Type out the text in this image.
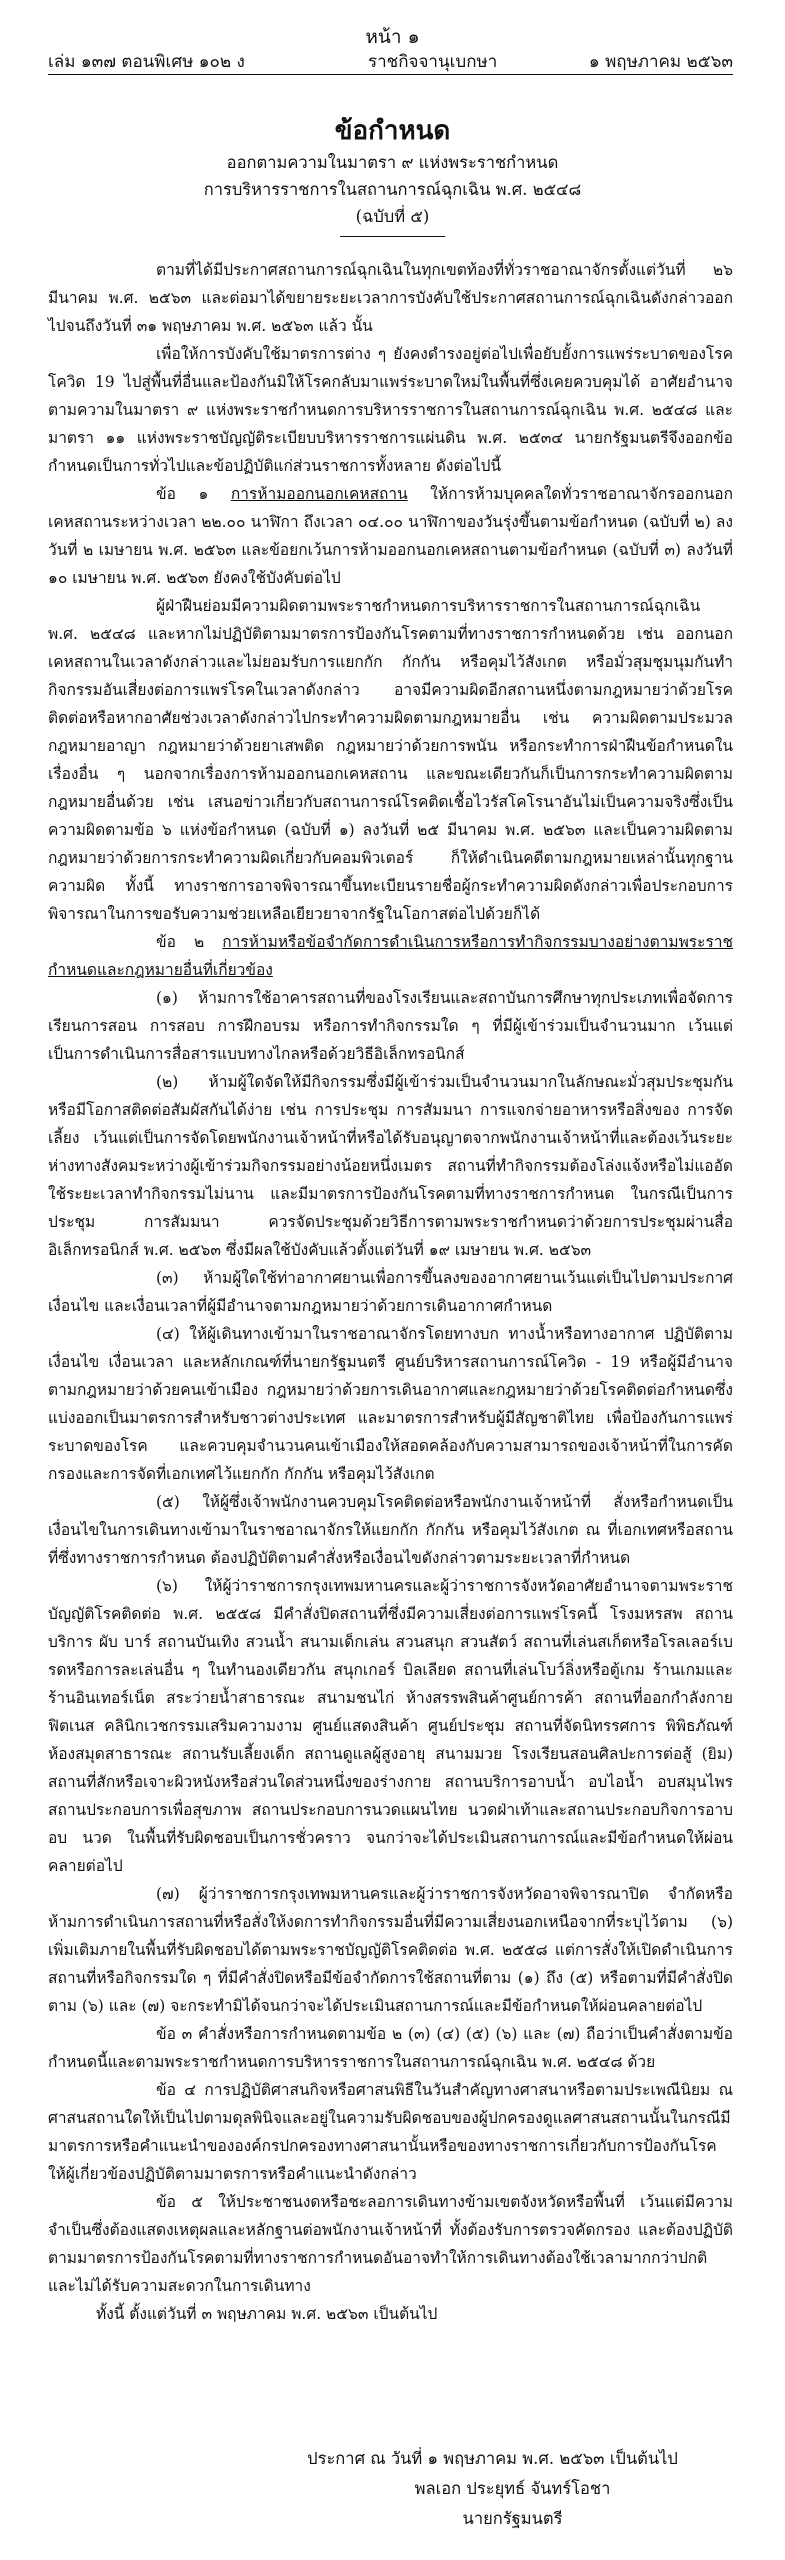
หน้า ๑
เล่ม ๑๓๗ ตอนพิเศษ ๑๐๒ ง	ราชกิจจานุเบกษา	๑ พฤษภาคม ๒๕๖๓
ข้อกำหนด
ออกตามความในมาตรา ๙ แห่งพระราชกำหนด
การบริหารราชการในสถานการณ์ฉุกเฉิน พ.ศ. ๒๕๔๘
(ฉบับที่ ๕)

ตามที่ได้มีประกาศสถานการณ์ฉุกเฉินในทุกเขตท้องที่ทั่วราชอาณาจักรตั้งแต่วันที่ ๒๖ มีนาคม พ.ศ. ๒๕๖๓ และต่อมาได้ขยายระยะเวลาการบังคับใช้ประกาศสถานการณ์ฉุกเฉินดังกล่าวออกไปจนถึงวันที่ ๓๑ พฤษภาคม พ.ศ. ๒๕๖๓ แล้ว นั้น

เพื่อให้การบังคับใช้มาตรการต่าง ๆ ยังคงดำรงอยู่ต่อไปเพื่อยับยั้งการแพร่ระบาดของโรคโควิด 19 ไปสู่พื้นที่อื่นและป้องกันมิให้โรคกลับมาแพร่ระบาดใหม่ในพื้นที่ซึ่งเคยควบคุมได้ อาศัยอำนาจตามความในมาตรา ๙ แห่งพระราชกำหนดการบริหารราชการในสถานการณ์ฉุกเฉิน พ.ศ. ๒๕๔๘ และมาตรา ๑๑ แห่งพระราชบัญญัติระเบียบบริหารราชการแผ่นดิน พ.ศ. ๒๕๓๔ นายกรัฐมนตรีจึงออกข้อกำหนดเป็นการทั่วไปและข้อปฏิบัติแก่ส่วนราชการทั้งหลาย ดังต่อไปนี้

ข้อ ๑ การห้ามออกนอกเคหสถาน ให้การห้ามบุคคลใดทั่วราชอาณาจักรออกนอกเคหสถานระหว่างเวลา ๒๒.๐๐ นาฬิกา ถึงเวลา ๐๔.๐๐ นาฬิกาของวันรุ่งขึ้นตามข้อกำหนด (ฉบับที่ ๒) ลงวันที่ ๒ เมษายน พ.ศ. ๒๕๖๓ และข้อยกเว้นการห้ามออกนอกเคหสถานตามข้อกำหนด (ฉบับที่ ๓) ลงวันที่ ๑๐ เมษายน พ.ศ. ๒๕๖๓ ยังคงใช้บังคับต่อไป

ผู้ฝ่าฝืนย่อมมีความผิดตามพระราชกำหนดการบริหารราชการในสถานการณ์ฉุกเฉิน พ.ศ. ๒๕๔๘ และหากไม่ปฏิบัติตามมาตรการป้องกันโรคตามที่ทางราชการกำหนดด้วย เช่น ออกนอกเคหสถานในเวลาดังกล่าวและไม่ยอมรับการแยกกัก กักกัน หรือคุมไว้สังเกต หรือมั่วสุมชุมนุมกันทำกิจกรรมอันเสี่ยงต่อการแพร่โรคในเวลาดังกล่าว อาจมีความผิดอีกสถานหนึ่งตามกฎหมายว่าด้วยโรคติดต่อหรือหากอาศัยช่วงเวลาดังกล่าวไปกระทำความผิดตามกฎหมายอื่น เช่น ความผิดตามประมวลกฎหมายอาญา กฎหมายว่าด้วยยาเสพติด กฎหมายว่าด้วยการพนัน หรือกระทำการฝ่าฝืนข้อกำหนดในเรื่องอื่น ๆ นอกจากเรื่องการห้ามออกนอกเคหสถาน และขณะเดียวกันก็เป็นการกระทำความผิดตามกฎหมายอื่นด้วย เช่น เสนอข่าวเกี่ยวกับสถานการณ์โรคติดเชื้อไวรัสโคโรนาอันไม่เป็นความจริงซึ่งเป็นความผิดตามข้อ ๖ แห่งข้อกำหนด (ฉบับที่ ๑) ลงวันที่ ๒๕ มีนาคม พ.ศ. ๒๕๖๓ และเป็นความผิดตามกฎหมายว่าด้วยการกระทำความผิดเกี่ยวกับคอมพิวเตอร์ ก็ให้ดำเนินคดีตามกฎหมายเหล่านั้นทุกฐานความผิด ทั้งนี้ ทางราชการอาจพิจารณาขึ้นทะเบียนรายชื่อผู้กระทำความผิดดังกล่าวเพื่อประกอบการพิจารณาในการขอรับความช่วยเหลือเยียวยาจากรัฐในโอกาสต่อไปด้วยก็ได้

ข้อ ๒ การห้ามหรือข้อจำกัดการดำเนินการหรือการทำกิจกรรมบางอย่างตามพระราชกำหนดและกฎหมายอื่นที่เกี่ยวข้อง

(๑) ห้ามการใช้อาคารสถานที่ของโรงเรียนและสถาบันการศึกษาทุกประเภทเพื่อจัดการเรียนการสอน การสอบ การฝึกอบรม หรือการทำกิจกรรมใด ๆ ที่มีผู้เข้าร่วมเป็นจำนวนมาก เว้นแต่เป็นการดำเนินการสื่อสารแบบทางไกลหรือด้วยวิธีอิเล็กทรอนิกส์

(๒) ห้ามผู้ใดจัดให้มีกิจกรรมซึ่งมีผู้เข้าร่วมเป็นจำนวนมากในลักษณะมั่วสุมประชุมกัน หรือมีโอกาสติดต่อสัมผัสกันได้ง่าย เช่น การประชุม การสัมมนา การแจกจ่ายอาหารหรือสิ่งของ การจัดเลี้ยง เว้นแต่เป็นการจัดโดยพนักงานเจ้าหน้าที่หรือได้รับอนุญาตจากพนักงานเจ้าหน้าที่และต้องเว้นระยะห่างทางสังคมระหว่างผู้เข้าร่วมกิจกรรมอย่างน้อยหนึ่งเมตร สถานที่ทำกิจกรรมต้องโล่งแจ้งหรือไม่แออัด ใช้ระยะเวลาทำกิจกรรมไม่นาน และมีมาตรการป้องกันโรคตามที่ทางราชการกำหนด ในกรณีเป็นการประชุม การสัมมนา ควรจัดประชุมด้วยวิธีการตามพระราชกำหนดว่าด้วยการประชุมผ่านสื่ออิเล็กทรอนิกส์ พ.ศ. ๒๕๖๓ ซึ่งมีผลใช้บังคับแล้วตั้งแต่วันที่ ๑๙ เมษายน พ.ศ. ๒๕๖๓

(๓) ห้ามผู้ใดใช้ท่าอากาศยานเพื่อการขึ้นลงของอากาศยานเว้นแต่เป็นไปตามประกาศ เงื่อนไข และเงื่อนเวลาที่ผู้มีอำนาจตามกฎหมายว่าด้วยการเดินอากาศกำหนด

(๔) ให้ผู้เดินทางเข้ามาในราชอาณาจักรโดยทางบก ทางน้ำหรือทางอากาศ ปฏิบัติตามเงื่อนไข เงื่อนเวลา และหลักเกณฑ์ที่นายกรัฐมนตรี ศูนย์บริหารสถานการณ์โควิด - 19 หรือผู้มีอำนาจตามกฎหมายว่าด้วยคนเข้าเมือง กฎหมายว่าด้วยการเดินอากาศและกฎหมายว่าด้วยโรคติดต่อกำหนดซึ่งแบ่งออกเป็นมาตรการสำหรับชาวต่างประเทศ และมาตรการสำหรับผู้มีสัญชาติไทย เพื่อป้องกันการแพร่ระบาดของโรค และควบคุมจำนวนคนเข้าเมืองให้สอดคล้องกับความสามารถของเจ้าหน้าที่ในการคัดกรองและการจัดที่เอกเทศไว้แยกกัก กักกัน หรือคุมไว้สังเกต

(๕) ให้ผู้ซึ่งเจ้าพนักงานควบคุมโรคติดต่อหรือพนักงานเจ้าหน้าที่ สั่งหรือกำหนดเป็นเงื่อนไขในการเดินทางเข้ามาในราชอาณาจักรให้แยกกัก กักกัน หรือคุมไว้สังเกต ณ ที่เอกเทศหรือสถานที่ซึ่งทางราชการกำหนด ต้องปฏิบัติตามคำสั่งหรือเงื่อนไขดังกล่าวตามระยะเวลาที่กำหนด

(๖) ให้ผู้ว่าราชการกรุงเทพมหานครและผู้ว่าราชการจังหวัดอาศัยอำนาจตามพระราชบัญญัติโรคติดต่อ พ.ศ. ๒๕๕๘ มีคำสั่งปิดสถานที่ซึ่งมีความเสี่ยงต่อการแพร่โรคนี้ โรงมหรสพ สถานบริการ ผับ บาร์ สถานบันเทิง สวนน้ำ สนามเด็กเล่น สวนสนุก สวนสัตว์ สถานที่เล่นสเก็ตหรือโรลเลอร์เบรดหรือการละเล่นอื่น ๆ ในทำนองเดียวกัน สนุกเกอร์ บิลเลียด สถานที่เล่นโบว์ลิ่งหรือตู้เกม ร้านเกมและร้านอินเทอร์เน็ต สระว่ายน้ำสาธารณะ สนามชนไก่ ห้างสรรพสินค้าศูนย์การค้า สถานที่ออกกำลังกายฟิตเนส คลินิกเวชกรรมเสริมความงาม ศูนย์แสดงสินค้า ศูนย์ประชุม สถานที่จัดนิทรรศการ พิพิธภัณฑ์ ห้องสมุดสาธารณะ สถานรับเลี้ยงเด็ก สถานดูแลผู้สูงอายุ สนามมวย โรงเรียนสอนศิลปะการต่อสู้ (ยิม) สถานที่สักหรือเจาะผิวหนังหรือส่วนใดส่วนหนึ่งของร่างกาย สถานบริการอาบน้ำ อบไอน้ำ อบสมุนไพร สถานประกอบการเพื่อสุขภาพ สถานประกอบการนวดแผนไทย นวดฝ่าเท้าและสถานประกอบกิจการอาบ อบ นวด ในพื้นที่รับผิดชอบเป็นการชั่วคราว จนกว่าจะได้ประเมินสถานการณ์และมีข้อกำหนดให้ผ่อนคลายต่อไป

(๗) ผู้ว่าราชการกรุงเทพมหานครและผู้ว่าราชการจังหวัดอาจพิจารณาปิด จำกัดหรือห้ามการดำเนินการสถานที่หรือสั่งให้งดการทำกิจกรรมอื่นที่มีความเสี่ยงนอกเหนือจากที่ระบุไว้ตาม (๖) เพิ่มเติมภายในพื้นที่รับผิดชอบได้ตามพระราชบัญญัติโรคติดต่อ พ.ศ. ๒๕๕๘ แต่การสั่งให้เปิดดำเนินการสถานที่หรือกิจกรรมใด ๆ ที่มีคำสั่งปิดหรือมีข้อจำกัดการใช้สถานที่ตาม (๑) ถึง (๕) หรือตามที่มีคำสั่งปิดตาม (๖) และ (๗) จะกระทำมิได้จนกว่าจะได้ประเมินสถานการณ์และมีข้อกำหนดให้ผ่อนคลายต่อไป

ข้อ ๓ คำสั่งหรือการกำหนดตามข้อ ๒ (๓) (๔) (๕) (๖) และ (๗) ถือว่าเป็นคำสั่งตามข้อกำหนดนี้และตามพระราชกำหนดการบริหารราชการในสถานการณ์ฉุกเฉิน พ.ศ. ๒๕๔๘ ด้วย

ข้อ ๔ การปฏิบัติศาสนกิจหรือศาสนพิธีในวันสำคัญทางศาสนาหรือตามประเพณีนิยม ณ ศาสนสถานใดให้เป็นไปตามดุลพินิจและอยู่ในความรับผิดชอบของผู้ปกครองดูแลศาสนสถานนั้นในกรณีมีมาตรการหรือคำแนะนำขององค์กรปกครองทางศาสนานั้นหรือของทางราชการเกี่ยวกับการป้องกันโรค ให้ผู้เกี่ยวข้องปฏิบัติตามมาตรการหรือคำแนะนำดังกล่าว

ข้อ ๕ ให้ประชาชนงดหรือชะลอการเดินทางข้ามเขตจังหวัดหรือพื้นที่ เว้นแต่มีความจำเป็นซึ่งต้องแสดงเหตุผลและหลักฐานต่อพนักงานเจ้าหน้าที่ ทั้งต้องรับการตรวจคัดกรอง และต้องปฏิบัติตามมาตรการป้องกันโรคตามที่ทางราชการกำหนดอันอาจทำให้การเดินทางต้องใช้เวลามากกว่าปกติ และไม่ได้รับความสะดวกในการเดินทาง

ทั้งนี้ ตั้งแต่วันที่ ๓ พฤษภาคม พ.ศ. ๒๕๖๓ เป็นต้นไป

ประกาศ ณ วันที่ ๑ พฤษภาคม พ.ศ. ๒๕๖๓ เป็นต้นไป
พลเอก ประยุทธ์ จันทร์โอชา
นายกรัฐมนตรี
